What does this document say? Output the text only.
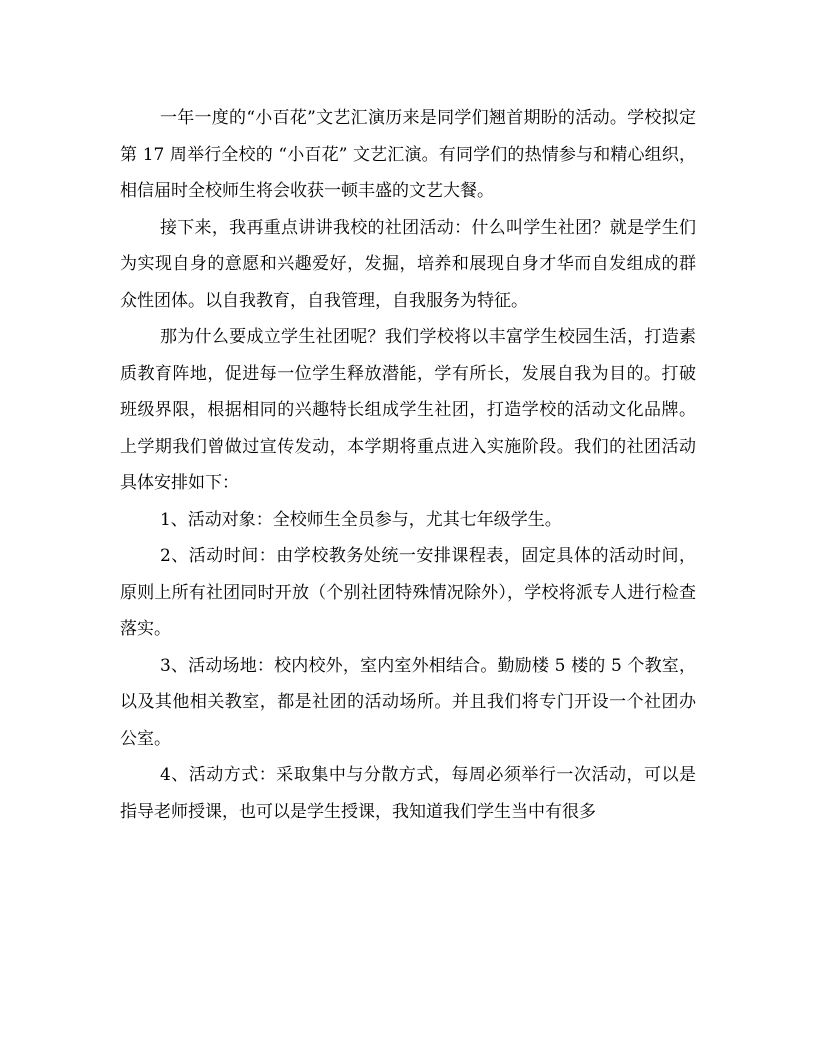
一年一度的“小百花”文艺汇演历来是同学们翘首期盼的活动。学校拟定第 17 周举行全校的 “小百花” 文艺汇演。有同学们的热情参与和精心组织，相信届时全校师生将会收获一顿丰盛的文艺大餐。

接下来，我再重点讲讲我校的社团活动：什么叫学生社团？就是学生们为实现自身的意愿和兴趣爱好，发掘，培养和展现自身才华而自发组成的群众性团体。以自我教育，自我管理，自我服务为特征。

那为什么要成立学生社团呢？我们学校将以丰富学生校园生活，打造素质教育阵地，促进每一位学生释放潜能，学有所长，发展自我为目的。打破班级界限，根据相同的兴趣特长组成学生社团，打造学校的活动文化品牌。上学期我们曾做过宣传发动，本学期将重点进入实施阶段。我们的社团活动具体安排如下：

1、活动对象：全校师生全员参与，尤其七年级学生。

2、活动时间：由学校教务处统一安排课程表，固定具体的活动时间，原则上所有社团同时开放（个别社团特殊情况除外），学校将派专人进行检查落实。

3、活动场地：校内校外，室内室外相结合。勤励楼 5 楼的 5 个教室，以及其他相关教室，都是社团的活动场所。并且我们将专门开设一个社团办公室。

4、活动方式：采取集中与分散方式，每周必须举行一次活动，可以是指导老师授课，也可以是学生授课，我知道我们学生当中有很多
